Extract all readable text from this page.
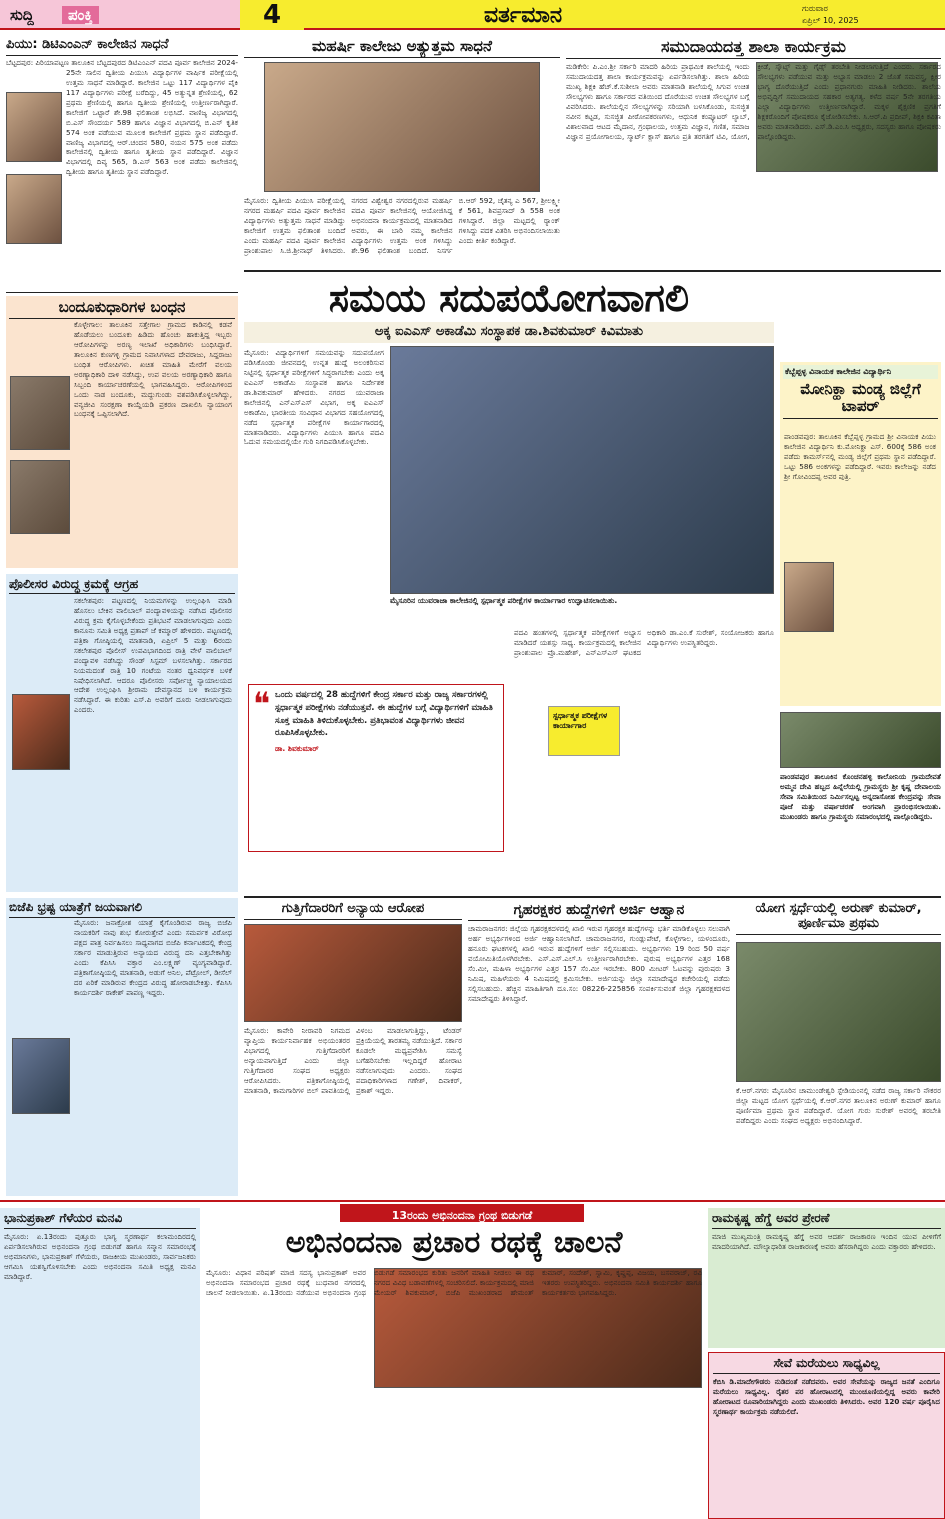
ಸುದ್ದಿ	ಪಂಕ್ತಿ	4	ವರ್ತಮಾನ	ಗುರುವಾರ
ಏಪ್ರಿಲ್ 10, 2025
ಪಿಯು: ಡಿಟಿಎಂಎನ್ ಕಾಲೇಜಿನ ಸಾಧನೆ
ಬೆಟ್ಟದಪುರ: ಪಿರಿಯಾಪಟ್ಟಣ ತಾಲೂಕಿನ ಬೆಟ್ಟದಪುರದ ಡಿಟಿಎಂಎನ್ ಪದವಿ ಪೂರ್ವ ಕಾಲೇಜಿನ 2024-25ನೇ ಸಾಲಿನ ದ್ವಿತೀಯ ಪಿಯುಸಿ ವಿದ್ಯಾರ್ಥಿಗಳ ವಾರ್ಷಿಕ ಪರೀಕ್ಷೆಯಲ್ಲಿ ಉತ್ತಮ ಸಾಧನೆ ಮಾಡಿದ್ದಾರೆ. ಕಾಲೇಜಿನ ಒಟ್ಟು 117 ವಿದ್ಯಾರ್ಥಿಗಳ ಪೈಕಿ 117 ವಿದ್ಯಾರ್ಥಿಗಳು ಪರೀಕ್ಷೆ ಬರೆದಿದ್ದು, 45 ಅತ್ಯುನ್ನತ ಶ್ರೇಣಿಯಲ್ಲಿ, 62 ಪ್ರಥಮ ಶ್ರೇಣಿಯಲ್ಲಿ ಹಾಗೂ ದ್ವಿತೀಯ ಶ್ರೇಣಿಯಲ್ಲಿ ಉತ್ತೀರ್ಣರಾಗಿದ್ದಾರೆ. ಕಾಲೇಜಿಗೆ ಒಟ್ಟಾರೆ ಶೇ.98 ಫಲಿತಾಂಶ ಲಭಿಸಿದೆ. ವಾಣಿಜ್ಯ ವಿಭಾಗದಲ್ಲಿ ಬಿ.ಎಸ್ ಸೌಂದರ್ಯ 589 ಹಾಗೂ ವಿಜ್ಞಾನ ವಿಭಾಗದಲ್ಲಿ ಬಿ.ಎನ್ ಕೃತಿಕ 574 ಅಂಕ ಪಡೆಯುವ ಮೂಲಕ ಕಾಲೇಜಿಗೆ ಪ್ರಥಮ ಸ್ಥಾನ ಪಡೆದಿದ್ದಾರೆ. ವಾಣಿಜ್ಯ ವಿಭಾಗದಲ್ಲಿ ಆರ್.ಚಂದನ 580, ನಯನ 575 ಅಂಕ ಪಡೆದು ಕಾಲೇಜಿನಲ್ಲಿ ದ್ವಿತೀಯ ಹಾಗೂ ತೃತೀಯ ಸ್ಥಾನ ಪಡೆದಿದ್ದಾರೆ. ವಿಜ್ಞಾನ ವಿಭಾಗದಲ್ಲಿ ದಿವ್ಯ 565, ಡಿ.ಎಸ್ 563 ಅಂಕ ಪಡೆದು ಕಾಲೇಜಿನಲ್ಲಿ ದ್ವಿತೀಯ ಹಾಗೂ ತೃತೀಯ ಸ್ಥಾನ ಪಡೆದಿದ್ದಾರೆ.
ಬಂದೂಕುಧಾರಿಗಳ ಬಂಧನ
ಕೊಳ್ಳೇಗಾಲ: ತಾಲೂಕಿನ ಸತ್ತೇಗಾಲ ಗ್ರಾಮದ ಕಾಡಿನಲ್ಲಿ ಕಡವೆ ಹೊಡೆಯಲು ಬಂದೂಕು ಹಿಡಿದು ಹೊಂಚು ಹಾಕುತ್ತಿದ್ದ ಇಬ್ಬರು ಆರೋಪಿಗಳನ್ನು ಅರಣ್ಯ ಇಲಾಖೆ ಅಧಿಕಾರಿಗಳು ಬಂಧಿಸಿದ್ದಾರೆ. ತಾಲೂಕಿನ ಕುಣಗಳ್ಳಿ ಗ್ರಾಮದ ನಿವಾಸಿಗಳಾದ ದೇವರಾಜು, ಸಿದ್ದರಾಜು ಬಂಧಿತ ಆರೋಪಿಗಳು. ಖಚಿತ ಮಾಹಿತಿ ಮೇರೆಗೆ ವಲಯ ಅರಣ್ಯಾಧಿಕಾರಿ ದಾಳಿ ನಡೆಸಿದ್ದು, ಉಪ ವಲಯ ಅರಣ್ಯಾಧಿಕಾರಿ ಹಾಗೂ ಸಿಬ್ಬಂದಿ ಕಾರ್ಯಾಚರಣೆಯಲ್ಲಿ ಭಾಗವಹಿಸಿದ್ದರು. ಆರೋಪಿಗಳಿಂದ ಒಂದು ನಾಡ ಬಂದೂಕು, ಮದ್ದುಗುಂಡು ವಶಪಡಿಸಿಕೊಳ್ಳಲಾಗಿದ್ದು, ವನ್ಯಜೀವಿ ಸಂರಕ್ಷಣಾ ಕಾಯ್ದೆಯಡಿ ಪ್ರಕರಣ ದಾಖಲಿಸಿ ನ್ಯಾಯಾಂಗ ಬಂಧನಕ್ಕೆ ಒಪ್ಪಿಸಲಾಗಿದೆ.
ಪೊಲೀಸರ ವಿರುದ್ಧ ಕ್ರಮಕ್ಕೆ ಆಗ್ರಹ
ಸಕಲೇಶಪುರ: ಪಟ್ಟಣದಲ್ಲಿ ನಿಯಮಗಳನ್ನು ಉಲ್ಲಂಘಿಸಿ ಮಾಡಿ ಹೊಸಲು ಬೇಕಿನ ವಾಲಿಬಾಲ್ ಪಂದ್ಯಾವಳಿಯನ್ನು ನಡೆಸಿದ ಪೊಲೀಸರ ವಿರುದ್ಧ ಕ್ರಮ ಕೈಗೊಳ್ಳಬೇಕೆಂದು ಪ್ರತಿಭಟನೆ ಮಾಡಲಾಗುವುದು ಎಂದು ಕಾನೂನು ಸಮಿತಿ ಅಧ್ಯಕ್ಷ ಪ್ರತಾಪ್ ಜೆ ಕಮ್ಮಾರ್ ಹೇಳಿದರು. ಪಟ್ಟಣದಲ್ಲಿ ಪತ್ರಿಕಾ ಗೋಷ್ಠಿಯಲ್ಲಿ ಮಾತನಾಡಿ, ಏಪ್ರಿಲ್ 5 ಮತ್ತು 6ರಂದು ಸಕಲೇಶಪುರ ಪೊಲೀಸ್ ಉಪವಿಭಾಗದಿಂದ ರಾತ್ರಿ ವೇಳೆ ವಾಲಿಬಾಲ್ ಪಂದ್ಯಾವಳಿ ನಡೆಸಿದ್ದು ಸೌಂಡ್ ಸಿಸ್ಟಮ್ ಬಳಸಲಾಗಿತ್ತು. ಸರ್ಕಾರದ ನಿಯಮದಂತೆ ರಾತ್ರಿ 10 ಗಂಟೆಯ ನಂತರ ಧ್ವನಿವರ್ಧಕ ಬಳಕೆ ನಿಷೇಧಿಸಲಾಗಿದೆ. ಆದರೂ ಪೊಲೀಸರು ಸರ್ವೋಚ್ಚ ನ್ಯಾಯಾಲಯದ ಆದೇಶ ಉಲ್ಲಂಘಿಸಿ ಶ್ರೀರಾಮ ದೇವಸ್ಥಾನದ ಬಳಿ ಕಾರ್ಯಕ್ರಮ ನಡೆಸಿದ್ದಾರೆ. ಈ ಕುರಿತು ಎಸ್.ಪಿ ಅವರಿಗೆ ದೂರು ನೀಡಲಾಗುವುದು ಎಂದರು.
ಬಿಜೆಪಿ ಭ್ರಷ್ಟ ಯಾತ್ರೆಗೆ ಜಯವಾಗಲಿ
ಮೈಸೂರು: ಜನಾಕ್ರೋಶ ಯಾತ್ರೆ ಕೈಗೊಂಡಿರುವ ರಾಜ್ಯ ಬಿಜೆಪಿ ನಾಯಕರಿಗೆ ನಾವು ಶುಭ ಕೋರುತ್ತೇವೆ ಎಂದು ಸಮರ್ಪಕ ವಿರೋಧ ಪಕ್ಷದ ಪಾತ್ರ ನಿರ್ವಹಿಸಲು ಸಾಧ್ಯವಾಗದ ಬಿಜೆಪಿ ಕರ್ನಾಟಕದಲ್ಲಿ ಕೇಂದ್ರ ಸರ್ಕಾರ ಮಾಡುತ್ತಿರುವ ಅನ್ಯಾಯದ ವಿರುದ್ಧ ದನಿ ಎತ್ತಬೇಕಾಗಿತ್ತು ಎಂದು ಕೆಪಿಸಿಸಿ ವಕ್ತಾರ ಎಂ.ಲಕ್ಷ್ಮಣ್ ವ್ಯಂಗ್ಯವಾಡಿದ್ದಾರೆ. ಪತ್ರಿಕಾಗೋಷ್ಠಿಯಲ್ಲಿ ಮಾತನಾಡಿ, ಅಡುಗೆ ಅನಿಲ, ಪೆಟ್ರೋಲ್, ಡೀಸೆಲ್ ದರ ಏರಿಕೆ ಮಾಡಿರುವ ಕೇಂದ್ರದ ವಿರುದ್ಧ ಹೋರಾಡಬೇಕಿತ್ತು. ಕೆಪಿಸಿಸಿ ಕಾರ್ಯದರ್ಶಿ ರಾಕೇಶ್ ಪಾಪಣ್ಣ ಇದ್ದರು.
ಮಹರ್ಷಿ ಕಾಲೇಜು ಅತ್ಯುತ್ತಮ ಸಾಧನೆ
ಮೈಸೂರು: ದ್ವಿತೀಯ ಪಿಯುಸಿ ಪರೀಕ್ಷೆಯಲ್ಲಿ ನಗರದ ಮಹರ್ಷಿ ಪದವಿ ಪೂರ್ವ ಕಾಲೇಜಿನ ವಿದ್ಯಾರ್ಥಿಗಳು ಅತ್ಯುತ್ತಮ ಸಾಧನೆ ಮಾಡಿದ್ದು ಕಾಲೇಜಿಗೆ ಉತ್ತಮ ಫಲಿತಾಂಶ ಬಂದಿದೆ ಎಂದು ಮಹರ್ಷಿ ಪದವಿ ಪೂರ್ವ ಕಾಲೇಜಿನ ಪ್ರಾಂಶುಪಾಲ ಸಿ.ಜಿ.ಶ್ರೀನಾಥ್ ತಿಳಿಸಿದರು. ನಗರದ ವಿಶ್ವೇಶ್ವರ ನಗರದಲ್ಲಿರುವ ಮಹರ್ಷಿ ಪದವಿ ಪೂರ್ವ ಕಾಲೇಜಿನಲ್ಲಿ ಆಯೋಜಿಸಿದ್ದ ಅಭಿನಂದನಾ ಕಾರ್ಯಕ್ರಮದಲ್ಲಿ ಮಾತನಾಡಿದ ಅವರು, ಈ ಬಾರಿ ನಮ್ಮ ಕಾಲೇಜಿನ ವಿದ್ಯಾರ್ಥಿಗಳು ಉತ್ತಮ ಅಂಕ ಗಳಿಸಿದ್ದು ಶೇ.96 ಫಲಿತಾಂಶ ಬಂದಿದೆ. ನಿಸರ್ಗ ಬಿ.ಆರ್ 592, ಚೈತನ್ಯ ಎ 567, ಶ್ರೀಲಕ್ಷ್ಮೀ ಕೆ 561, ಶಿವಪ್ರಸಾದ್ ಡಿ 558 ಅಂಕ ಗಳಿಸಿದ್ದಾರೆ. ಜಿಲ್ಲಾ ಮಟ್ಟದಲ್ಲಿ ರ್‍ಯಾಂಕ್ ಗಳಿಸಿದ್ದು ಪದಕ ವಿತರಿಸಿ ಅಭಿನಂದಿಸಲಾಯಿತು ಎಂದು ಕೀರ್ತಿ ಕಂಡಿದ್ದಾರೆ.
ಸಮುದಾಯದತ್ತ ಶಾಲಾ ಕಾರ್ಯಕ್ರಮ
ಮಡಿಕೇರಿ: ಪಿ.ಎಂ.ಶ್ರೀ ಸರ್ಕಾರಿ ಮಾದರಿ ಹಿರಿಯ ಪ್ರಾಥಮಿಕ ಶಾಲೆಯಲ್ಲಿ ಇಂದು ಸಮುದಾಯದತ್ತ ಶಾಲಾ ಕಾರ್ಯಕ್ರಮವನ್ನು ಏರ್ಪಡಿಸಲಾಗಿತ್ತು. ಶಾಲಾ ಹಿರಿಯ ಮುಖ್ಯ ಶಿಕ್ಷಕಿ ಹೆಚ್.ಕೆ.ಸುಶೀಲಾ ಅವರು ಮಾತನಾಡಿ ಶಾಲೆಯಲ್ಲಿ ಸಿಗುವ ಉಚಿತ ಸೌಲಭ್ಯಗಳು ಹಾಗೂ ಸರ್ಕಾರದ ವತಿಯಿಂದ ದೊರೆಯುವ ಉಚಿತ ಸೌಲಭ್ಯಗಳ ಬಗ್ಗೆ ವಿವರಿಸಿದರು. ಶಾಲೆಯಲ್ಲಿನ ಸೌಲಭ್ಯಗಳನ್ನು ಸರಿಯಾಗಿ ಬಳಸಿಕೊಂಡು, ಸುಸಜ್ಜಿತ ನವೀನ ಕಟ್ಟಡ, ಸುಸಜ್ಜಿತ ಪೀಠೋಪಕರಣಗಳು, ಆಧುನಿಕ ಕಂಪ್ಯೂಟರ್ ಲ್ಯಾಬ್, ವಿಶಾಲವಾದ ಆಟದ ಮೈದಾನ, ಗ್ರಂಥಾಲಯ, ಉತ್ತಮ ವಿಜ್ಞಾನ, ಗಣಿತ, ಸಮಾಜ ವಿಜ್ಞಾನ ಪ್ರಯೋಗಾಲಯ, ಸ್ಮಾರ್ಟ್ ಕ್ಲಾಸ್ ಹಾಗೂ ಪ್ರತಿ ತರಗತಿಗೆ ಟಿವಿ, ಯೋಗ, ಕ್ರೀಡೆ, ಸ್ಕೌಟ್ಸ್ ಮತ್ತು ಗೈಡ್ಸ್ ತರಬೇತಿ ನೀಡಲಾಗುತ್ತಿದೆ ಎಂದರು. ಸರ್ಕಾರದ ಸೌಲಭ್ಯಗಳು ಪಡೆಯುವ ಮತ್ತು ಅಭ್ಯಾಸ ಮಾಡಲು 2 ಜೊತೆ ಸಮವಸ್ತ್ರ, ಕ್ಷೀರ ಭಾಗ್ಯ ದೊರೆಯುತ್ತಿದೆ ಎಂದು ಪ್ರಧಾನಗುರು ಮಾಹಿತಿ ನೀಡಿದರು. ಶಾಲೆಯ ಅಭಿವೃದ್ಧಿಗೆ ಸಮುದಾಯದ ಸಹಕಾರ ಅತ್ಯಗತ್ಯ. ಕಳೆದ ವರ್ಷ 5ನೇ ತರಗತಿಯ ಎಲ್ಲಾ ವಿದ್ಯಾರ್ಥಿಗಳು ಉತ್ತೀರ್ಣರಾಗಿದ್ದಾರೆ. ಮಕ್ಕಳ ಶೈಕ್ಷಣಿಕ ಪ್ರಗತಿಗೆ ಶಿಕ್ಷಕರೊಂದಿಗೆ ಪೋಷಕರೂ ಕೈಜೋಡಿಸಬೇಕು. ಸಿ.ಆರ್.ಪಿ ಪ್ರದೀಪ್, ಶಿಕ್ಷಕಿ ಕವಿತಾ ಅವರು ಮಾತನಾಡಿದರು. ಎಸ್.ಡಿ.ಎಂ.ಸಿ ಅಧ್ಯಕ್ಷರು, ಸದಸ್ಯರು ಹಾಗೂ ಪೋಷಕರು ಪಾಲ್ಗೊಂಡಿದ್ದರು.
ಸಮಯ ಸದುಪಯೋಗವಾಗಲಿ
ಅಕ್ಕ ಐಎಎಸ್ ಅಕಾಡೆಮಿ ಸಂಸ್ಥಾಪಕ ಡಾ.ಶಿವಕುಮಾರ್ ಕಿವಿಮಾತು
ಮೈಸೂರು: ವಿದ್ಯಾರ್ಥಿಗಳಿಗೆ ಸಮಯವನ್ನು ಸದುಪಯೋಗ ಪಡಿಸಿಕೊಂಡು ಜೀವನದಲ್ಲಿ ಉನ್ನತ ಹುದ್ದೆ ಅಲಂಕರಿಸುವ ನಿಟ್ಟಿನಲ್ಲಿ ಸ್ಪರ್ಧಾತ್ಮಕ ಪರೀಕ್ಷೆಗಳಿಗೆ ಸಿದ್ಧರಾಗಬೇಕು ಎಂದು ಅಕ್ಕ ಐಎಎಸ್ ಅಕಾಡೆಮಿ ಸಂಸ್ಥಾಪಕ ಹಾಗೂ ನಿರ್ದೇಶಕ ಡಾ.ಶಿವಕುಮಾರ್ ಹೇಳಿದರು. ನಗರದ ಯುವರಾಜಾ ಕಾಲೇಜಿನಲ್ಲಿ ಎನ್ಎಸ್ಎಸ್ ವಿಭಾಗ, ಅಕ್ಕ ಐಎಎಸ್ ಅಕಾಡೆಮಿ, ಭಾರತೀಯ ಸಂವಿಧಾನ ವಿಭಾಗದ ಸಹಯೋಗದಲ್ಲಿ ನಡೆದ ಸ್ಪರ್ಧಾತ್ಮಕ ಪರೀಕ್ಷೆಗಳ ಕಾರ್ಯಾಗಾರದಲ್ಲಿ ಮಾತನಾಡಿದರು. ವಿದ್ಯಾರ್ಥಿಗಳು ಪಿಯುಸಿ ಹಾಗೂ ಪದವಿ ಓದುವ ಸಮಯದಲ್ಲಿಯೇ ಗುರಿ ನಿಗದಿಪಡಿಸಿಕೊಳ್ಳಬೇಕು.
ಮೈಸೂರಿನ ಯುವರಾಜಾ ಕಾಲೇಜಿನಲ್ಲಿ ಸ್ಪರ್ಧಾತ್ಮಕ ಪರೀಕ್ಷೆಗಳ ಕಾರ್ಯಾಗಾರ ಉದ್ಘಾಟಿಸಲಾಯಿತು.
❝ ಒಂದು ವರ್ಷದಲ್ಲಿ 28 ಹುದ್ದೆಗಳಿಗೆ ಕೇಂದ್ರ ಸರ್ಕಾರ ಮತ್ತು ರಾಜ್ಯ ಸರ್ಕಾರಗಳಲ್ಲಿ ಸ್ಪರ್ಧಾತ್ಮಕ ಪರೀಕ್ಷೆಗಳು ನಡೆಯುತ್ತವೆ. ಈ ಹುದ್ದೆಗಳ ಬಗ್ಗೆ ವಿದ್ಯಾರ್ಥಿಗಳಿಗೆ ಮಾಹಿತಿ ಸೂಕ್ತ ಮಾಹಿತಿ ತಿಳಿದುಕೊಳ್ಳಬೇಕು. ಪ್ರತಿಭಾವಂತ ವಿದ್ಯಾರ್ಥಿಗಳು ಜೀವನ ರೂಪಿಸಿಕೊಳ್ಳಬೇಕು.
ಡಾ. ಶಿವಕುಮಾರ್
ಪದವಿ ಹಂತಗಳಲ್ಲಿ ಸ್ಪರ್ಧಾತ್ಮಕ ಪರೀಕ್ಷೆಗಳಿಗೆ ಅಭ್ಯಾಸ ಮಾಡಿದರೆ ಯಶಸ್ಸು ಸಾಧ್ಯ. ಕಾರ್ಯಕ್ರಮದಲ್ಲಿ ಕಾಲೇಜಿನ ಪ್ರಾಂಶುಪಾಲ ಪ್ರೊ.ಮಹೇಶ್, ಎನ್ಎಸ್ಎಸ್ ಘಟಕದ ಅಧಿಕಾರಿ ಡಾ.ಎಂ.ಕೆ ಸುರೇಶ್, ಸಂಯೋಜಕರು ಹಾಗೂ ವಿದ್ಯಾರ್ಥಿಗಳು ಉಪಸ್ಥಿತರಿದ್ದರು.
ಸ್ಪರ್ಧಾತ್ಮಕ ಪರೀಕ್ಷೆಗಳ ಕಾರ್ಯಾಗಾರ
ಕೆಬ್ಬೆಪ್ಪಳ್ಳ ವಿನಾಯಕ ಕಾಲೇಜಿನ ವಿದ್ಯಾರ್ಥಿನಿ
ಮೋನಿಕ್ಹಾ ಮಂಡ್ಯ ಜಿಲ್ಲೆಗೆ ಟಾಪರ್
ಪಾಂಡವಪುರ: ತಾಲೂಕಿನ ಕೆಬ್ಬೆಪ್ಪಳ್ಳ ಗ್ರಾಮದ ಶ್ರೀ ವಿನಾಯಕ ಪಿಯು ಕಾಲೇಜಿನ ವಿದ್ಯಾರ್ಥಿನಿ ಕು.ಮೋನಿಕ್ಹಾ ಎಸ್. 600ಕ್ಕೆ 586 ಅಂಕ ಪಡೆದು ಕಾಮರ್ಸ್‌ನಲ್ಲಿ ಮಂಡ್ಯ ಜಿಲ್ಲೆಗೆ ಪ್ರಥಮ ಸ್ಥಾನ ಪಡೆದಿದ್ದಾರೆ. ಒಟ್ಟು 586 ಅಂಕಗಳನ್ನು ಪಡೆದಿದ್ದಾರೆ. ಇವರು ಕಾಲೇಜನ್ನು ನಡೆದ ಶ್ರೀ ಗೋವಿಂದಪ್ಪ ಅವರ ಪುತ್ರಿ.
ಪಾಂಡವಪುರ ತಾಲೂಕಿನ ಕೊಂಚನಹಳ್ಳಿ ಕಾಲೋನಿಯ ಗ್ರಾಮದೇವತೆ ಅಮ್ಮನ ದೇವಿ ಹಬ್ಬದ ಹಿನ್ನೆಲೆಯಲ್ಲಿ ಗ್ರಾಮಸ್ಥರು ಶ್ರೀ ಕೃಷ್ಣ ದೇವಾಲಯ ಸೇವಾ ಸಮಿತಿಯಿಂದ ನಿರ್ಮಿಸಲ್ಪಟ್ಟ ಅನ್ನದಾಸೋಹ ಕೇಂದ್ರವನ್ನು ಸೇವಾ ಪೂಜೆ ಮತ್ತು ವರ್ಷಾಚರಣೆ ಅಂಗವಾಗಿ ಪ್ರಾರಂಭಿಸಲಾಯಿತು. ಮುಖಂಡರು ಹಾಗೂ ಗ್ರಾಮಸ್ಥರು ಸಮಾರಂಭದಲ್ಲಿ ಪಾಲ್ಗೊಂಡಿದ್ದರು.
ಗುತ್ತಿಗೆದಾರರಿಗೆ ಅನ್ಯಾಯ ಆರೋಪ
ಮೈಸೂರು: ಕಾವೇರಿ ನೀರಾವರಿ ನಿಗಮದ ವ್ಯಾಪ್ತಿಯ ಕಾರ್ಯನಿರ್ವಾಹಕ ಅಭಿಯಂತರರ ವಿಭಾಗದಲ್ಲಿ ಗುತ್ತಿಗೆದಾರರಿಗೆ ಅನ್ಯಾಯವಾಗುತ್ತಿದೆ ಎಂದು ಜಿಲ್ಲಾ ಗುತ್ತಿಗೆದಾರರ ಸಂಘದ ಅಧ್ಯಕ್ಷರು ಆರೋಪಿಸಿದರು. ಪತ್ರಿಕಾಗೋಷ್ಠಿಯಲ್ಲಿ ಮಾತನಾಡಿ, ಕಾಮಗಾರಿಗಳ ಬಿಲ್ ಪಾವತಿಯಲ್ಲಿ ವಿಳಂಬ ಮಾಡಲಾಗುತ್ತಿದ್ದು, ಟೆಂಡರ್ ಪ್ರಕ್ರಿಯೆಯಲ್ಲಿ ತಾರತಮ್ಯ ನಡೆಯುತ್ತಿದೆ. ಸರ್ಕಾರ ಕೂಡಲೇ ಮಧ್ಯಪ್ರವೇಶಿಸಿ ಸಮಸ್ಯೆ ಬಗೆಹರಿಸಬೇಕು ಇಲ್ಲದಿದ್ದರೆ ಹೋರಾಟ ನಡೆಸಲಾಗುವುದು ಎಂದರು. ಸಂಘದ ಪದಾಧಿಕಾರಿಗಳಾದ ಗಣೇಶ್, ದಿವಾಕರ್, ಪ್ರಕಾಶ್ ಇದ್ದರು.
ಗೃಹರಕ್ಷಕರ ಹುದ್ದೆಗಳಿಗೆ ಅರ್ಜಿ ಆಹ್ವಾನ
ಚಾಮರಾಜನಗರ: ಜಿಲ್ಲೆಯ ಗೃಹರಕ್ಷಕದಳದಲ್ಲಿ ಖಾಲಿ ಇರುವ ಗೃಹರಕ್ಷಕ ಹುದ್ದೆಗಳನ್ನು ಭರ್ತಿ ಮಾಡಿಕೊಳ್ಳಲು ಸಲುವಾಗಿ ಅರ್ಹ ಅಭ್ಯರ್ಥಿಗಳಿಂದ ಅರ್ಜಿ ಆಹ್ವಾನಿಸಲಾಗಿದೆ. ಚಾಮರಾಜನಗರ, ಗುಂಡ್ಲುಪೇಟೆ, ಕೊಳ್ಳೇಗಾಲ, ಯಳಂದೂರು, ಹನೂರು ಘಟಕಗಳಲ್ಲಿ ಖಾಲಿ ಇರುವ ಹುದ್ದೆಗಳಿಗೆ ಅರ್ಜಿ ಸಲ್ಲಿಸಬಹುದು. ಅಭ್ಯರ್ಥಿಗಳು 19 ರಿಂದ 50 ವರ್ಷ ವಯೋಮಿತಿಯೊಳಗಿರಬೇಕು. ಎಸ್.ಎಸ್.ಎಲ್.ಸಿ ಉತ್ತೀರ್ಣರಾಗಿರಬೇಕು. ಪುರುಷ ಅಭ್ಯರ್ಥಿಗಳ ಎತ್ತರ 168 ಸೆಂ.ಮೀ, ಮಹಿಳಾ ಅಭ್ಯರ್ಥಿಗಳ ಎತ್ತರ 157 ಸೆಂ.ಮೀ ಇರಬೇಕು. 800 ಮೀಟರ್ ಓಟವನ್ನು ಪುರುಷರು 3 ನಿಮಿಷ, ಮಹಿಳೆಯರು 4 ನಿಮಿಷದಲ್ಲಿ ಕ್ರಮಿಸಬೇಕು. ಅರ್ಜಿಯನ್ನು ಜಿಲ್ಲಾ ಸಮಾದೇಷ್ಟರ ಕಚೇರಿಯಲ್ಲಿ ಪಡೆದು ಸಲ್ಲಿಸಬಹುದು. ಹೆಚ್ಚಿನ ಮಾಹಿತಿಗಾಗಿ ದೂ.ಸಂ: 08226-225856 ಸಂಪರ್ಕಿಸುವಂತೆ ಜಿಲ್ಲಾ ಗೃಹರಕ್ಷಕದಳದ ಸಮಾದೇಷ್ಟರು ತಿಳಿಸಿದ್ದಾರೆ.
ಯೋಗ ಸ್ಪರ್ಧೆಯಲ್ಲಿ ಅರುಣ್ ಕುಮಾರ್, ಪೂರ್ಣಿಮಾ ಪ್ರಥಮ
ಕೆ.ಆರ್.ನಗರ: ಮೈಸೂರಿನ ಚಾಮುಂಡೇಶ್ವರಿ ಸ್ಟೇಡಿಯಂನಲ್ಲಿ ನಡೆದ ರಾಜ್ಯ ಸರ್ಕಾರಿ ನೌಕರರ ಜಿಲ್ಲಾ ಮಟ್ಟದ ಯೋಗ ಸ್ಪರ್ಧೆಯಲ್ಲಿ ಕೆ.ಆರ್.ನಗರ ತಾಲೂಕಿನ ಅರುಣ್ ಕುಮಾರ್ ಹಾಗೂ ಪೂರ್ಣಿಮಾ ಪ್ರಥಮ ಸ್ಥಾನ ಪಡೆದಿದ್ದಾರೆ. ಯೋಗ ಗುರು ಸುರೇಶ್ ಅವರಲ್ಲಿ ತರಬೇತಿ ಪಡೆದಿದ್ದರು ಎಂದು ಸಂಘದ ಅಧ್ಯಕ್ಷರು ಅಭಿನಂದಿಸಿದ್ದಾರೆ.
13ರಂದು ಅಭಿನಂದನಾ ಗ್ರಂಥ ಬಿಡುಗಡೆ
ಭಾನುಪ್ರಕಾಶ್ ಗೆಳೆಯರ ಮನವಿ
ಮೈಸೂರು: ಏ.13ರಂದು ಪುತ್ತೂರು ಭಾಗ್ಯ ಸ್ಮರಣಾರ್ಥ ಕಲಾಮಂದಿರದಲ್ಲಿ ಏರ್ಪಡಿಸಲಾಗಿರುವ ಅಭಿನಂದನಾ ಗ್ರಂಥ ಬಿಡುಗಡೆ ಹಾಗೂ ಸನ್ಮಾನ ಸಮಾರಂಭಕ್ಕೆ ಅಭಿಮಾನಿಗಳು, ಭಾನುಪ್ರಕಾಶ್ ಗೆಳೆಯರು, ರಾಜಕೀಯ ಮುಖಂಡರು, ಸಾರ್ವಜನಿಕರು ಆಗಮಿಸಿ ಯಶಸ್ವಿಗೊಳಿಸಬೇಕು ಎಂದು ಅಭಿನಂದನಾ ಸಮಿತಿ ಅಧ್ಯಕ್ಷ ಮನವಿ ಮಾಡಿದ್ದಾರೆ.
ಅಭಿನಂದನಾ ಪ್ರಚಾರ ರಥಕ್ಕೆ ಚಾಲನೆ
ಮೈಸೂರು: ವಿಧಾನ ಪರಿಷತ್ ಮಾಜಿ ಸದಸ್ಯ ಭಾನುಪ್ರಕಾಶ್ ಅವರ ಅಭಿನಂದನಾ ಸಮಾರಂಭದ ಪ್ರಚಾರ ರಥಕ್ಕೆ ಬುಧವಾರ ನಗರದಲ್ಲಿ ಚಾಲನೆ ನೀಡಲಾಯಿತು. ಏ.13ರಂದು ನಡೆಯುವ ಅಭಿನಂದನಾ ಗ್ರಂಥ ಬಿಡುಗಡೆ ಸಮಾರಂಭದ ಕುರಿತು ಜನರಿಗೆ ಮಾಹಿತಿ ನೀಡಲು ಈ ರಥ ನಗರದ ವಿವಿಧ ಬಡಾವಣೆಗಳಲ್ಲಿ ಸಂಚರಿಸಲಿದೆ. ಕಾರ್ಯಕ್ರಮದಲ್ಲಿ ಮಾಜಿ ಮೇಯರ್ ಶಿವಕುಮಾರ್, ಬಿಜೆಪಿ ಮುಖಂಡರಾದ ಹೇಮಂತ್ ಕುಮಾರ್, ಸಂದೇಶ್, ಸ್ವಾಮಿ, ಕೃಷ್ಣಪ್ಪ, ವಿಜಯ, ಬಸವರಾಜ್, ರವಿ ಇತರರು ಉಪಸ್ಥಿತರಿದ್ದರು. ಅಭಿನಂದನಾ ಸಮಿತಿ ಕಾರ್ಯದರ್ಶಿ ಹಾಗೂ ಕಾರ್ಯಕರ್ತರು ಭಾಗವಹಿಸಿದ್ದರು.
ರಾಮಕೃಷ್ಣ ಹೆಗ್ಡೆ ಅವರ ಪ್ರೇರಣೆ
ಮಾಜಿ ಮುಖ್ಯಮಂತ್ರಿ ರಾಮಕೃಷ್ಣ ಹೆಗ್ಡೆ ಅವರ ಆದರ್ಶ ರಾಜಕಾರಣ ಇಂದಿನ ಯುವ ಪೀಳಿಗೆಗೆ ಮಾದರಿಯಾಗಿದೆ. ಮೌಲ್ಯಾಧಾರಿತ ರಾಜಕಾರಣಕ್ಕೆ ಅವರು ಹೆಸರಾಗಿದ್ದರು ಎಂದು ವಕ್ತಾರರು ಹೇಳಿದರು.
ಸೇವೆ ಮರೆಯಲು ಸಾಧ್ಯವಿಲ್ಲ
ಕೆಬಿಸಿ ಡಿ.ಮಾದೇಗೌಡರು ನುಡಿದಂತೆ ನಡೆದವರು. ಅವರ ಸೇವೆಯನ್ನು ರಾಜ್ಯದ ಜನತೆ ಎಂದಿಗೂ ಮರೆಯಲು ಸಾಧ್ಯವಿಲ್ಲ. ರೈತರ ಪರ ಹೋರಾಟದಲ್ಲಿ ಮುಂಚೂಣಿಯಲ್ಲಿದ್ದ ಅವರು ಕಾವೇರಿ ಹೋರಾಟದ ರೂವಾರಿಯಾಗಿದ್ದರು ಎಂದು ಮುಖಂಡರು ತಿಳಿಸಿದರು. ಅವರ 120 ವರ್ಷ ಪೂರೈಸಿದ ಸ್ಮರಣಾರ್ಥ ಕಾರ್ಯಕ್ರಮ ನಡೆಯಲಿದೆ.
